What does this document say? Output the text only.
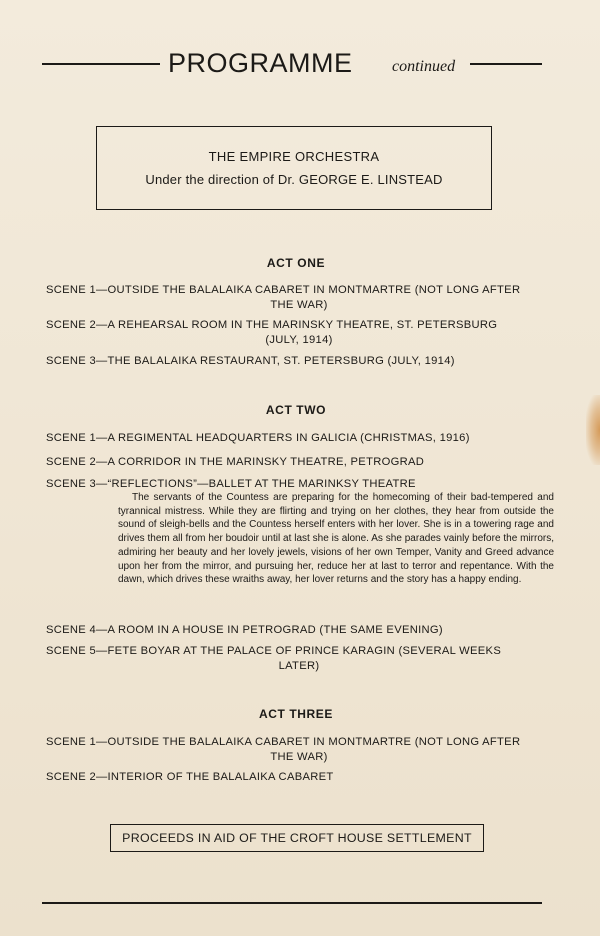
PROGRAMME continued
THE EMPIRE ORCHESTRA
Under the direction of Dr. GEORGE E. LINSTEAD
ACT ONE
SCENE 1—OUTSIDE THE BALALAIKA CABARET IN MONTMARTRE (NOT LONG AFTER
THE WAR)
SCENE 2—A REHEARSAL ROOM IN THE MARINSKY THEATRE, ST. PETERSBURG
(JULY, 1914)
SCENE 3—THE BALALAIKA RESTAURANT, ST. PETERSBURG (JULY, 1914)
ACT TWO
SCENE 1—A REGIMENTAL HEADQUARTERS IN GALICIA (CHRISTMAS, 1916)
SCENE 2—A CORRIDOR IN THE MARINSKY THEATRE, PETROGRAD
SCENE 3—“REFLECTIONS”—BALLET AT THE MARINKSY THEATRE
The servants of the Countess are preparing for the homecoming of their bad-tempered and tyrannical mistress. While they are flirting and trying on her clothes, they hear from outside the sound of sleigh-bells and the Countess herself enters with her lover. She is in a towering rage and drives them all from her boudoir until at last she is alone. As she parades vainly before the mirrors, admiring her beauty and her lovely jewels, visions of her own Temper, Vanity and Greed advance upon her from the mirror, and pursuing her, reduce her at last to terror and repentance. With the dawn, which drives these wraiths away, her lover returns and the story has a happy ending.
SCENE 4—A ROOM IN A HOUSE IN PETROGRAD (THE SAME EVENING)
SCENE 5—FETE BOYAR AT THE PALACE OF PRINCE KARAGIN (SEVERAL WEEKS
LATER)
ACT THREE
SCENE 1—OUTSIDE THE BALALAIKA CABARET IN MONTMARTRE (NOT LONG AFTER
THE WAR)
SCENE 2—INTERIOR OF THE BALALAIKA CABARET
PROCEEDS IN AID OF THE CROFT HOUSE SETTLEMENT
